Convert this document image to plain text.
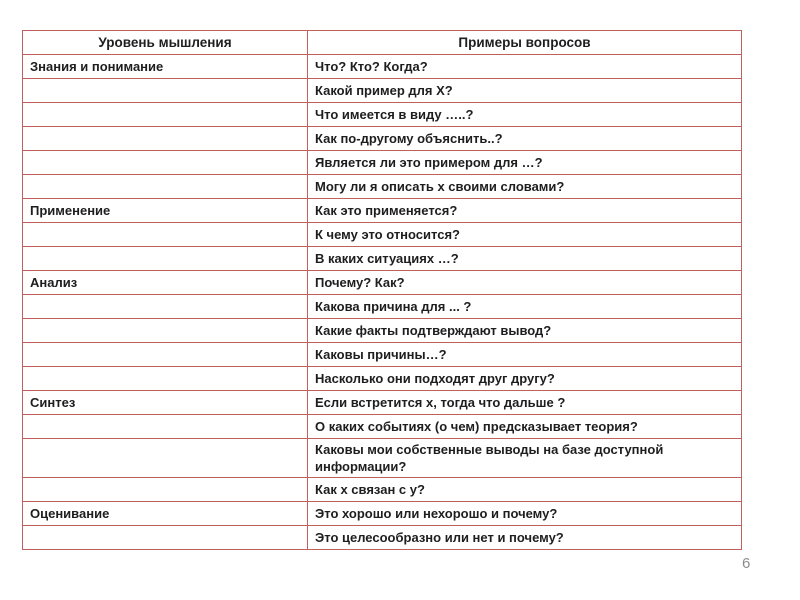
Уровень мышления	Примеры вопросов
Знания и понимание	Что? Кто? Когда?
	Какой пример для Х?
	Что имеется в виду …..?
	Как по-другому объяснить..?
	Является ли это примером для …?
	Могу ли я описать х своими словами?
Применение	Как это применяется?
	К чему это относится?
	В каких ситуациях …?
Анализ	Почему? Как?
	Какова причина для ... ?
	Какие факты подтверждают вывод?
	Каковы причины…?
	Насколько они подходят друг другу?
Синтез	Если встретится х, тогда что дальше ?
	О каких событиях (о чем) предсказывает теория?
	Каковы мои собственные выводы на базе доступной информации?
	Как х связан с у?
Оценивание	Это хорошо или нехорошо и почему?
	Это целесообразно или нет и почему?
6
